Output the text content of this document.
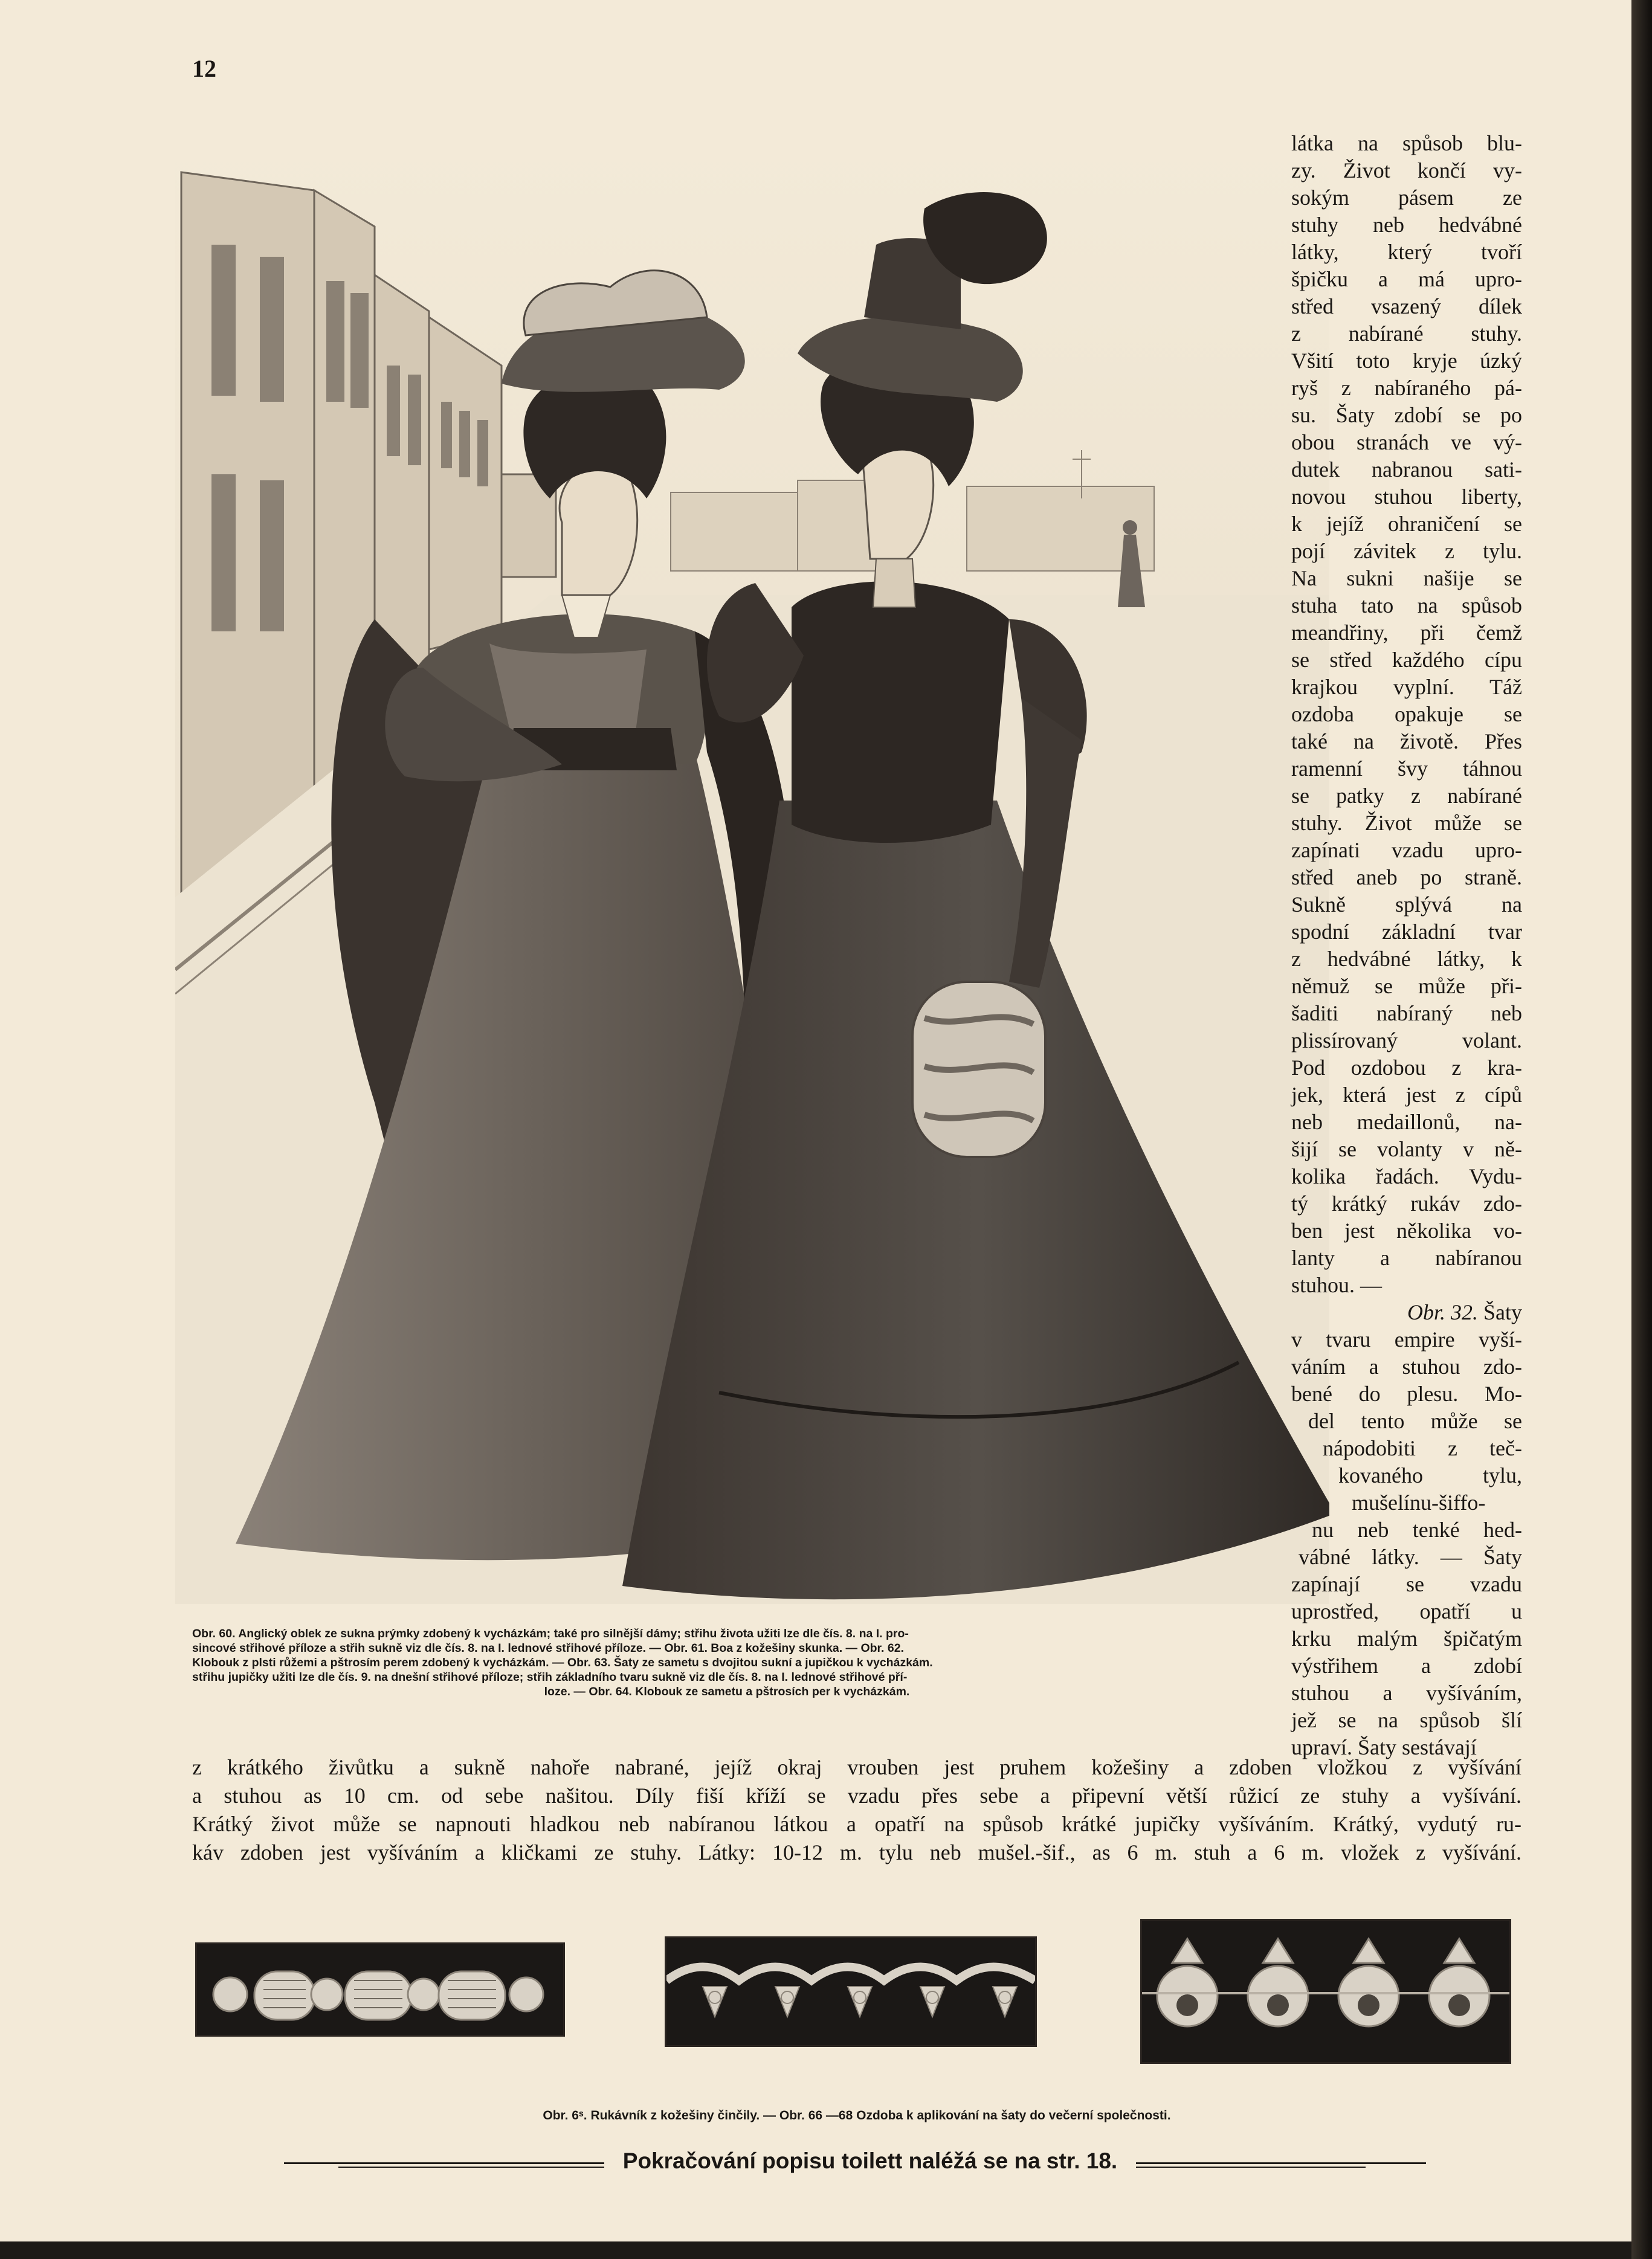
12
látka na spůsob blu-
zy. Život končí vy-
sokým pásem ze
stuhy neb hedvábné
látky, který tvoří
špičku a má upro-
střed vsazený dílek
z nabírané stuhy.
Všití toto kryje úzký
ryš z nabíraného pá-
su. Šaty zdobí se po
obou stranách ve vý-
dutek nabranou sati-
novou stuhou liberty,
k jejíž ohraničení se
pojí závitek z tylu.
Na sukni našije se
stuha tato na spůsob
meandřiny, při čemž
se střed každého cípu
krajkou vyplní. Táž
ozdoba opakuje se
také na životě. Přes
ramenní švy táhnou
se patky z nabírané
stuhy. Život může se
zapínati vzadu upro-
střed aneb po straně.
Sukně splývá na
spodní základní tvar
z hedvábné látky, k
němuž se může při-
šaditi nabíraný neb
plissírovaný volant.
Pod ozdobou z kra-
jek, která jest z cípů
neb medaillonů, na-
šijí se volanty v ně-
kolika řadách. Vydu-
tý krátký rukáv zdo-
ben jest několika vo-
lanty a nabíranou
stuhou. —
Obr. 32. Šaty
v tvaru empire vyší-
váním a stuhou zdo-
bené do plesu. Mo-
del tento může se
nápodobiti z teč-
kovaného tylu,
mušelínu-šiffo-
nu neb tenké hed-
vábné látky. — Šaty
zapínají se vzadu
uprostřed, opatří u
krku malým špičatým
výstřihem a zdobí
stuhou a vyšíváním,
jež se na spůsob šlí
upraví. Šaty sestávají
Obr. 60. Anglický oblek ze sukna prýmky zdobený k vycházkám; také pro silnější dámy; střihu života užiti lze dle čís. 8. na I. pro-
sincové střihové příloze a střih sukně viz dle čís. 8. na I. lednové střihové příloze. — Obr. 61. Boa z kožešiny skunka. — Obr. 62.
Klobouk z plsti růžemi a pštrosím perem zdobený k vycházkám. — Obr. 63. Šaty ze sametu s dvojitou sukní a jupičkou k vycházkám.
střihu jupičky užiti lze dle čís. 9. na dnešní střihové příloze; střih základního tvaru sukně viz dle čís. 8. na I. lednové střihové pří-
loze. — Obr. 64. Klobouk ze sametu a pštrosích per k vycházkám.
z krátkého živůtku a sukně nahoře nabrané, jejíž okraj vrouben jest pruhem kožešiny a zdoben vložkou z vyšívání
a stuhou as 10 cm. od sebe našitou. Díly fiší kříží se vzadu přes sebe a připevní větší růžicí ze stuhy a vyšívání.
Krátký život může se napnouti hladkou neb nabíranou látkou a opatří na spůsob krátké jupičky vyšíváním. Krátký, vydutý ru-
káv zdoben jest vyšíváním a kličkami ze stuhy. Látky: 10-12 m. tylu neb mušel.-šif., as 6 m. stuh a 6 m. vložek z vyšívání.
Obr. 6ˢ. Rukávník z kožešiny činčily. — Obr. 66 —68 Ozdoba k aplikování na šaty do večerní společnosti.
Pokračování popisu toilett naléžá se na str. 18.
